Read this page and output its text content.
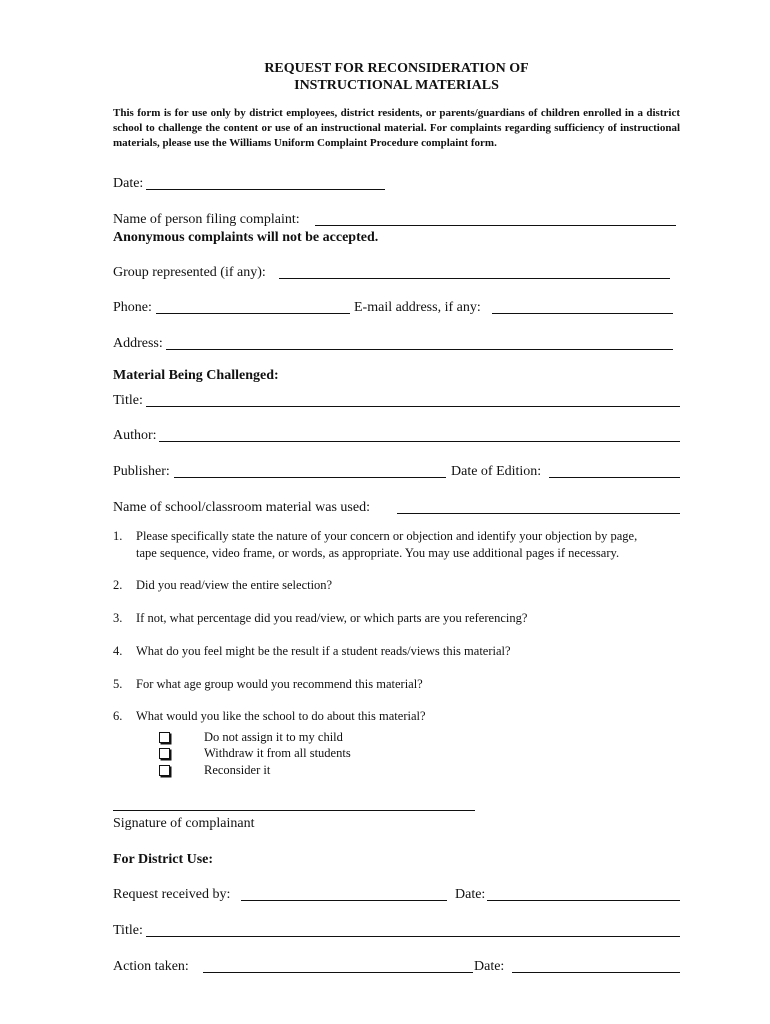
REQUEST FOR RECONSIDERATION OF
INSTRUCTIONAL MATERIALS
This form is for use only by district employees, district residents, or parents/guardians of children enrolled in a district school to challenge the content or use of an instructional material. For complaints regarding sufficiency of instructional materials, please use the Williams Uniform Complaint Procedure complaint form.
Date:
Name of person filing complaint:
Anonymous complaints will not be accepted.
Group represented (if any):
Phone:	E-mail address, if any:
Address:
Material Being Challenged:
Title:
Author:
Publisher:	Date of Edition:
Name of school/classroom material was used:
1. Please specifically state the nature of your concern or objection and identify your objection by page,
tape sequence, video frame, or words, as appropriate. You may use additional pages if necessary.
2. Did you read/view the entire selection?
3. If not, what percentage did you read/view, or which parts are you referencing?
4. What do you feel might be the result if a student reads/views this material?
5. For what age group would you recommend this material?
6. What would you like the school to do about this material?
Do not assign it to my child
Withdraw it from all students
Reconsider it
Signature of complainant
For District Use:
Request received by:	Date:
Title:
Action taken:	Date:
